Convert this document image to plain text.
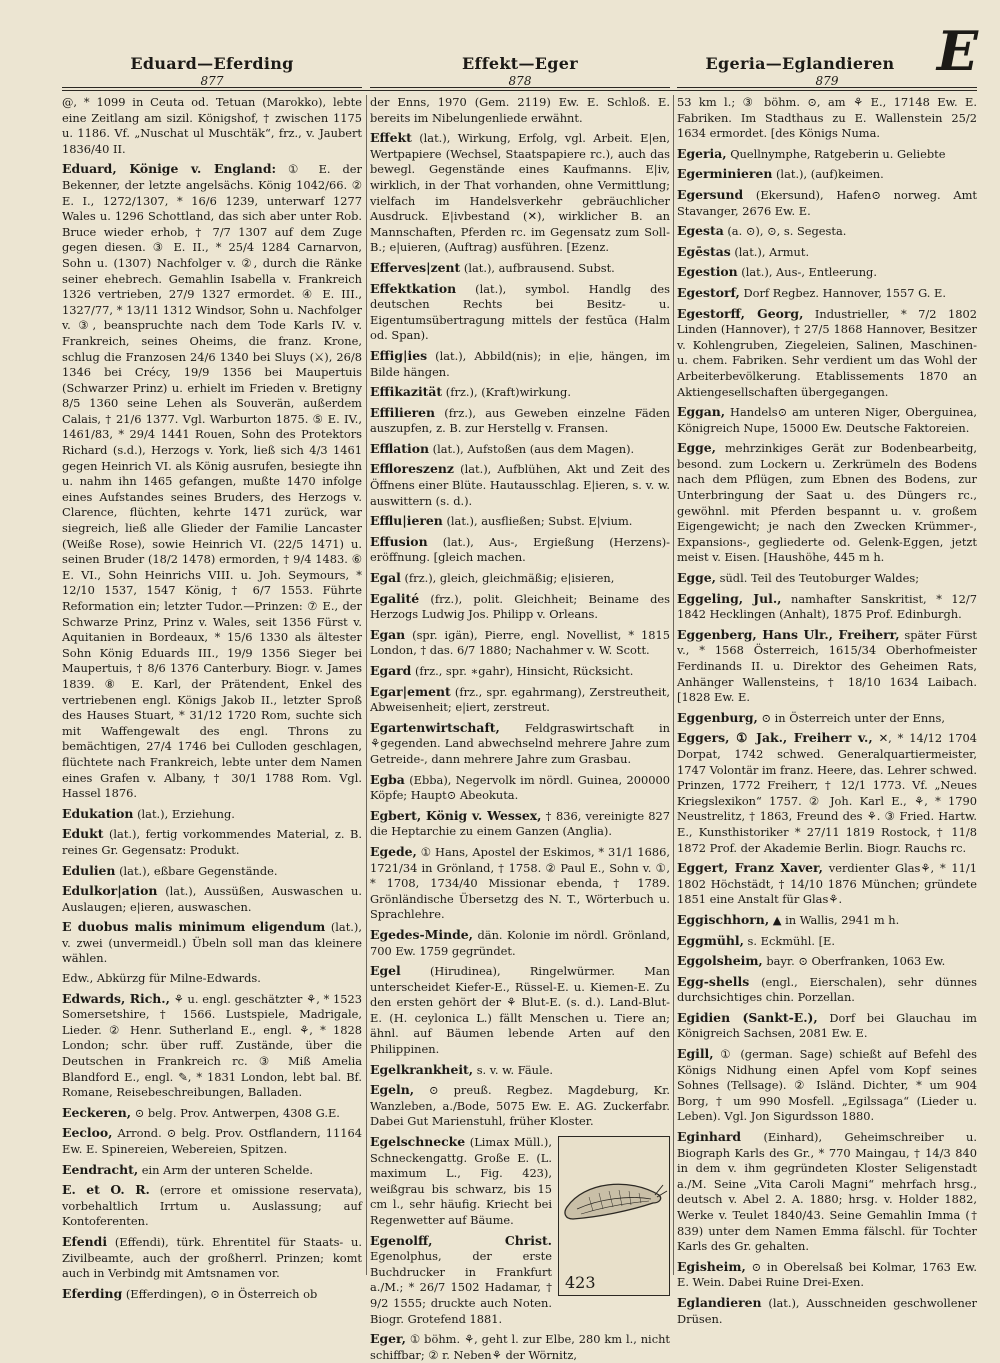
Eduard—Eferding	Effekt—Eger	Egeria—Eglandieren E
877	878	879

@, * 1099 in Ceuta od. Tetuan (Marokko), lebte eine Zeitlang am sizil. Königshof, † zwischen 1175 u. 1186. Vf. „Nuschat ul Muschtäk“, frz., v. Jaubert 1836/40 II.

Eduard, Könige v. England: ① E. der Bekenner, der letzte angelsächs. König 1042/66. ② E. I., 1272/1307, * 16/6 1239, unterwarf 1277 Wales u. 1296 Schottland, das sich aber unter Rob. Bruce wieder erhob, † 7/7 1307 auf dem Zuge gegen diesen. ③ E. II., * 25/4 1284 Carnarvon, Sohn u. (1307) Nachfolger v. ②, durch die Ränke seiner ehebrech. Gemahlin Isabella v. Frankreich 1326 vertrieben, 27/9 1327 ermordet. ④ E. III., 1327/77, * 13/11 1312 Windsor, Sohn u. Nachfolger v. ③, beanspruchte nach dem Tode Karls IV. v. Frankreich, seines Oheims, die franz. Krone, schlug die Franzosen 24/6 1340 bei Sluys (⚔), 26/8 1346 bei Crécy, 19/9 1356 bei Maupertuis (Schwarzer Prinz) u. erhielt im Frieden v. Bretigny 8/5 1360 seine Lehen als Souverän, außerdem Calais, † 21/6 1377. Vgl. Warburton 1875. ⑤ E. IV., 1461/83, * 29/4 1441 Rouen, Sohn des Protektors Richard (s.d.), Herzogs v. York, ließ sich 4/3 1461 gegen Heinrich VI. als König ausrufen, besiegte ihn u. nahm ihn 1465 gefangen, mußte 1470 infolge eines Aufstandes seines Bruders, des Herzogs v. Clarence, flüchten, kehrte 1471 zurück, war siegreich, ließ alle Glieder der Familie Lancaster (Weiße Rose), sowie Heinrich VI. (22/5 1471) u. seinen Bruder (18/2 1478) ermorden, † 9/4 1483. ⑥ E. VI., Sohn Heinrichs VIII. u. Joh. Seymours, * 12/10 1537, 1547 König, † 6/7 1553. Führte Reformation ein; letzter Tudor.—Prinzen: ⑦ E., der Schwarze Prinz, Prinz v. Wales, seit 1356 Fürst v. Aquitanien in Bordeaux, * 15/6 1330 als ältester Sohn König Eduards III., 19/9 1356 Sieger bei Maupertuis, † 8/6 1376 Canterbury. Biogr. v. James 1839. ⑧ E. Karl, der Prätendent, Enkel des vertriebenen engl. Königs Jakob II., letzter Sproß des Hauses Stuart, * 31/12 1720 Rom, suchte sich mit Waffengewalt des engl. Throns zu bemächtigen, 27/4 1746 bei Culloden geschlagen, flüchtete nach Frankreich, lebte unter dem Namen eines Grafen v. Albany, † 30/1 1788 Rom. Vgl. Hassel 1876.

Edukation (lat.), Erziehung.

Edukt (lat.), fertig vorkommendes Material, z. B. reines Gr. Gegensatz: Produkt.

Edulien (lat.), eßbare Gegenstände.

Edulkor|ation (lat.), Aussüßen, Auswaschen u. Auslaugen; e|ieren, auswaschen.

E duobus malis minimum eligendum (lat.), v. zwei (unvermeidl.) Übeln soll man das kleinere wählen.

Edw., Abkürzg für Milne-Edwards.

Edwards, Rich., ⚘ u. engl. geschätzter ⚘, * 1523 Somersetshire, † 1566. Lustspiele, Madrigale, Lieder. ② Henr. Sutherland E., engl. ⚘, * 1828 London; schr. über ruff. Zustände, über die Deutschen in Frankreich rc. ③ Miß Amelia Blandford E., engl. ✎, * 1831 London, lebt bal. Bf. Romane, Reisebeschreibungen, Balladen.

Eeckeren, ⊙ belg. Prov. Antwerpen, 4308 G.E.

Eecloo, Arrond. ⊙ belg. Prov. Ostflandern, 11164 Ew. E. Spinereien, Webereien, Spitzen.

Eendracht, ein Arm der unteren Schelde.

E. et O. R. (errore et omissione reservata), vorbehaltlich Irrtum u. Auslassung; auf Kontoferenten.

Efendi (Effendi), türk. Ehrentitel für Staats- u. Zivilbeamte, auch der großherrl. Prinzen; komt auch in Verbindg mit Amtsnamen vor.

Eferding (Efferdingen), ⊙ in Österreich ob

der Enns, 1970 (Gem. 2119) Ew. E. Schloß. E. bereits im Nibelungenliede erwähnt.

Effekt (lat.), Wirkung, Erfolg, vgl. Arbeit. E|en, Wertpapiere (Wechsel, Staatspapiere rc.), auch das bewegl. Gegenstände eines Kaufmanns. E|iv, wirklich, in der That vorhanden, ohne Vermittlung; vielfach im Handelsverkehr gebräuchlicher Ausdruck. E|ivbestand (✕), wirklicher B. an Mannschaften, Pferden rc. im Gegensatz zum Soll-B.; e|uieren, (Auftrag) ausführen. [Ezenz.

Efferves|zent (lat.), aufbrausend. Subst.

Effektkation (lat.), symbol. Handlg des deutschen Rechts bei Besitz- u. Eigentumsübertragung mittels der festūca (Halm od. Span).

Effig|ies (lat.), Abbild(nis); in e|ie, hängen, im Bilde hängen.

Effikazität (frz.), (Kraft)wirkung.

Effilieren (frz.), aus Geweben einzelne Fäden auszupfen, z. B. zur Herstellg v. Fransen.

Efflation (lat.), Aufstoßen (aus dem Magen).

Effloreszenz (lat.), Aufblühen, Akt und Zeit des Öffnens einer Blüte. Hautausschlag. E|ieren, s. v. w. auswittern (s. d.).

Efflu|ieren (lat.), ausfließen; Subst. E|vium.

Effusion (lat.), Aus-, Ergießung (Herzens)-eröffnung. [gleich machen.

Egal (frz.), gleich, gleichmäßig; e|isieren,

Egalité (frz.), polit. Gleichheit; Beiname des Herzogs Ludwig Jos. Philipp v. Orleans.

Egan (spr. igän), Pierre, engl. Novellist, * 1815 London, † das. 6/7 1880; Nachahmer v. W. Scott.

Egard (frz., spr. ∗gahr), Hinsicht, Rücksicht.

Egar|ement (frz., spr. egahrmang), Zerstreutheit, Abweisenheit; e|iert, zerstreut.

Egartenwirtschaft, Feldgraswirtschaft in ⚘gegenden. Land abwechselnd mehrere Jahre zum Getreide-, dann mehrere Jahre zum Grasbau.

Egba (Ebba), Negervolk im nördl. Guinea, 200000 Köpfe; Haupt⊙ Abeokuta.

Egbert, König v. Wessex, † 836, vereinigte 827 die Heptarchie zu einem Ganzen (Anglia).

Egede, ① Hans, Apostel der Eskimos, * 31/1 1686, 1721/34 in Grönland, † 1758. ② Paul E., Sohn v. ①, * 1708, 1734/40 Missionar ebenda, † 1789. Grönländische Übersetzg des N. T., Wörterbuch u. Sprachlehre.

Egedes-Minde, dän. Kolonie im nördl. Grönland, 700 Ew. 1759 gegründet.

Egel	(Hirudinea), Ringelwürmer. Man unterscheidet Kiefer-E., Rüssel-E. u. Kiemen-E. Zu den ersten gehört der ⚘ Blut-E. (s. d.). Land-Blut-E. (H. ceylonica L.) fällt Menschen u. Tiere an; ähnl. auf Bäumen lebende Arten auf den Philippinen.

Egelkrankheit, s. v. w. Fäule.

Egeln, ⊙ preuß. Regbez. Magdeburg, Kr. Wanzleben, a./Bode, 5075 Ew. E. AG. Zuckerfabr. Dabei Gut Marienstuhl, früher Kloster.

423

Egelschnecke (Limax Müll.), Schneckengattg. Große E. (L. maximum L., Fig. 423), weißgrau bis schwarz, bis 15 cm l., sehr häufig. Kriecht bei Regenwetter auf Bäume.

Egenolff, Christ. Egenolphus, der erste Buchdrucker in Frankfurt a./M.; * 26/7 1502 Hadamar, † 9/2 1555; druckte auch Noten. Biogr. Grotefend 1881.

Eger, ① böhm. ⚘, geht l. zur Elbe, 280 km l., nicht schiffbar; ② r. Neben⚘ der Wörnitz,

53 km l.; ③ böhm. ⊙, am ⚘ E., 17148 Ew. E. Fabriken. Im Stadthaus zu E. Wallenstein 25/2 1634 ermordet. [des Königs Numa.

Egeria, Quellnymphe, Ratgeberin u. Geliebte

Egerminieren (lat.), (auf)keimen.

Egersund (Ekersund), Hafen⊙ norweg. Amt Stavanger, 2676 Ew. E.

Egesta (a. ⊙), ⊙, s. Segesta.

Egēstas (lat.), Armut.

Egestion (lat.), Aus-, Entleerung.

Egestorf, Dorf Regbez. Hannover, 1557 G. E.

Egestorff, Georg, Industrieller, * 7/2 1802 Linden (Hannover), † 27/5 1868 Hannover, Besitzer v. Kohlengruben, Ziegeleien, Salinen, Maschinen- u. chem. Fabriken. Sehr verdient um das Wohl der Arbeiterbevölkerung. Etablissements 1870 an Aktiengesellschaften übergegangen.

Eggan, Handels⊙ am unteren Niger, Oberguinea, Königreich Nupe, 15000 Ew. Deutsche Faktoreien.

Egge, mehrzinkiges Gerät zur Bodenbearbeitg, besond. zum Lockern u. Zerkrümeln des Bodens nach dem Pflügen, zum Ebnen des Bodens, zur Unterbringung der Saat u. des Düngers rc., gewöhnl. mit Pferden bespannt u. v. großem Eigengewicht; je nach den Zwecken Krümmer-, Expansions-, gegliederte od. Gelenk-Eggen, jetzt meist v. Eisen. [Haushöhe, 445 m h.

Egge, südl. Teil des Teutoburger Waldes;

Eggeling, Jul., namhafter Sanskritist, * 12/7 1842 Hecklingen (Anhalt), 1875 Prof. Edinburgh.

Eggenberg, Hans Ulr., Freiherr, später Fürst v., * 1568 Österreich, 1615/34 Oberhofmeister Ferdinands II. u. Direktor des Geheimen Rats, Anhänger Wallensteins, † 18/10 1634 Laibach. [1828 Ew. E.

Eggenburg, ⊙ in Österreich unter der Enns,

Eggers, ① Jak., Freiherr v., ✕, * 14/12 1704 Dorpat, 1742 schwed. Generalquartiermeister, 1747 Volontär im franz. Heere, das. Lehrer schwed. Prinzen, 1772 Freiherr, † 12/1 1773. Vf. „Neues Kriegslexikon“ 1757. ② Joh. Karl E., ⚘, * 1790 Neustrelitz, † 1863, Freund des ⚘. ③ Fried. Hartw. E., Kunsthistoriker * 27/11 1819 Rostock, † 11/8 1872 Prof. der Akademie Berlin. Biogr. Rauchs rc.

Eggert, Franz Xaver, verdienter Glas⚘, * 11/1 1802 Höchstädt, † 14/10 1876 München; gründete 1851 eine Anstalt für Glas⚘.

Eggischhorn, ▲ in Wallis, 2941 m h.

Eggmühl, s. Eckmühl. [E.

Eggolsheim, bayr. ⊙ Oberfranken, 1063 Ew.

Egg-shells (engl., Eierschalen), sehr dünnes durchsichtiges chin. Porzellan.

Egidien (Sankt-E.), Dorf bei Glauchau im Königreich Sachsen, 2081 Ew. E.

Egill, ① (german. Sage) schießt auf Befehl des Königs Nidhung einen Apfel vom Kopf seines Sohnes (Tellsage). ② Isländ. Dichter, * um 904 Borg, † um 990 Mosfell. „Egilssaga“ (Lieder u. Leben). Vgl. Jon Sigurdsson 1880.

Eginhard (Einhard), Geheimschreiber u. Biograph Karls des Gr., * 770 Maingau, † 14/3 840 in dem v. ihm gegründeten Kloster Seligenstadt a./M. Seine „Vita Caroli Magni“ mehrfach hrsg., deutsch v. Abel 2. A. 1880; hrsg. v. Holder 1882, Werke v. Teulet 1840/43. Seine Gemahlin Imma († 839) unter dem Namen Emma fälschl. für Tochter Karls des Gr. gehalten.

Egisheim, ⊙ in Oberelsaß bei Kolmar, 1763 Ew. E. Wein. Dabei Ruine Drei-Exen.

Eglandieren (lat.), Ausschneiden geschwollener Drüsen.
